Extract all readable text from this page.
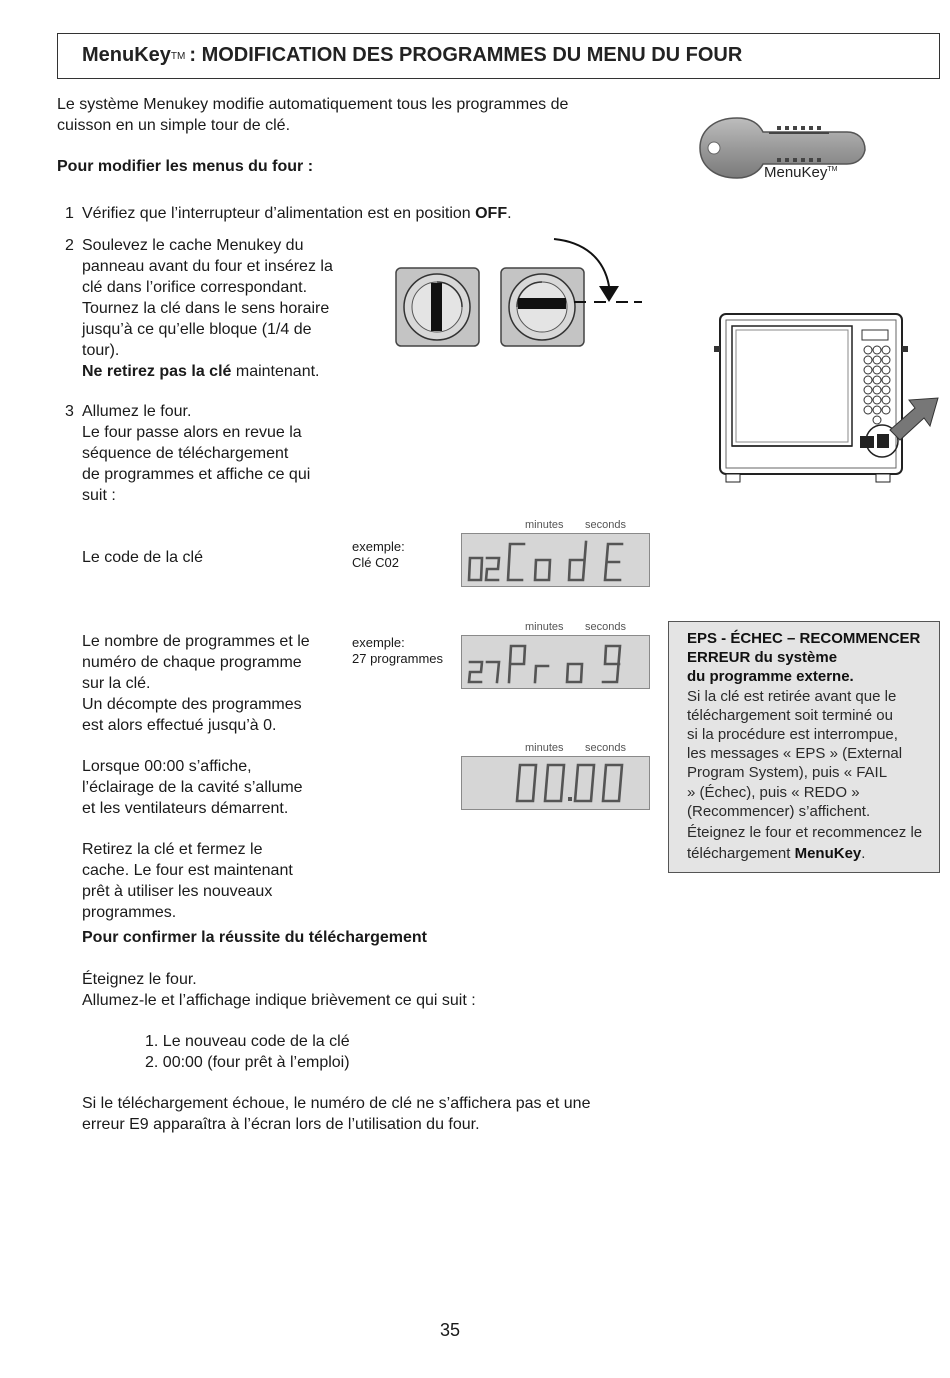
MenuKey™ : MODIFICATION DES PROGRAMMES DU MENU DU FOUR
Le système Menukey modifie automatiquement tous les programmes de
cuisson en un simple tour de clé.
MenuKey™
Pour modifier les menus du four :
1 Vérifiez que l’interrupteur d’alimentation est en position OFF.
2 Soulevez le cache Menukey du
panneau avant du four et insérez la
clé dans l’orifice correspondant.
Tournez la clé dans le sens horaire
jusqu’à ce qu’elle bloque (1/4 de
tour).
Ne retirez pas la clé maintenant.
3 Allumez le four.
Le four passe alors en revue la
séquence de téléchargement
de programmes et affiche ce qui
suit :
Le code de la clé
exemple:
Clé C02
minutes seconds
Le nombre de programmes et le
numéro de chaque programme
sur la clé.
Un décompte des programmes
est alors effectué jusqu’à 0.
exemple:
27 programmes
minutes seconds
Lorsque 00:00 s’affiche,
l’éclairage de la cavité s’allume
et les ventilateurs démarrent.
minutes seconds
Retirez la clé et fermez le
cache. Le four est maintenant
prêt à utiliser les nouveaux
programmes.
Pour confirmer la réussite du téléchargement
Éteignez le four.
Allumez-le et l’affichage indique brièvement ce qui suit :
1. Le nouveau code de la clé
2. 00:00 (four prêt à l’emploi)
Si le téléchargement échoue, le numéro de clé ne s’affichera pas et une
erreur E9 apparaîtra à l’écran lors de l’utilisation du four.
EPS - ÉCHEC – RECOMMENCER
ERREUR du système
du programme externe.
Si la clé est retirée avant que le
téléchargement soit terminé ou
si la procédure est interrompue,
les messages « EPS » (External
Program System), puis « FAIL
» (Échec), puis « REDO »
(Recommencer) s’affichent.
Éteignez le four et recommencez le
téléchargement MenuKey.
35
